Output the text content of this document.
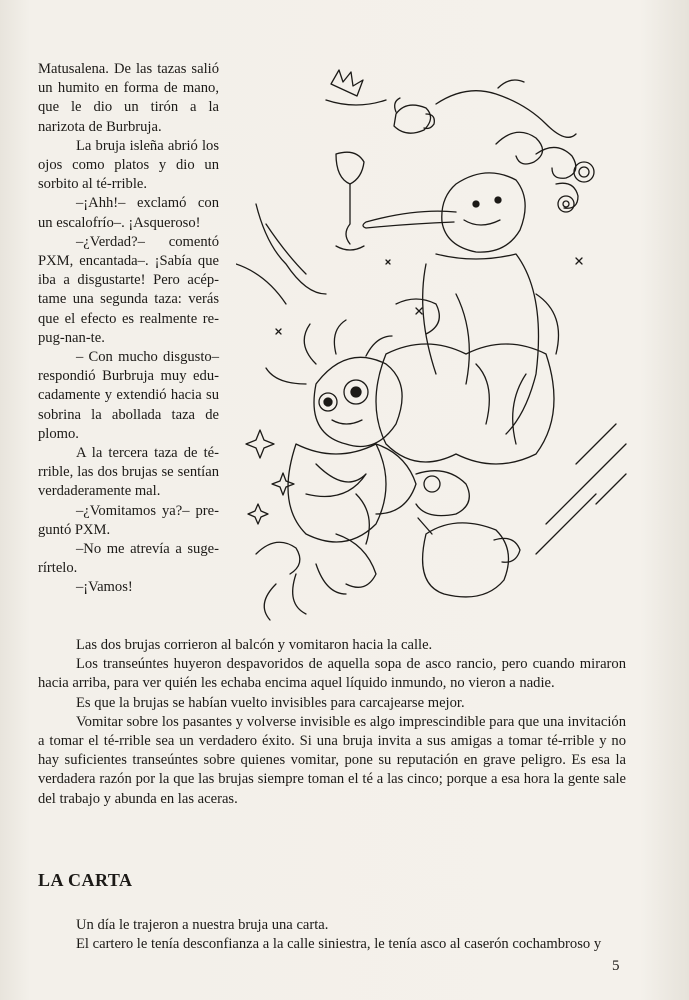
Matusalena. De las tazas salió un humito en forma de mano, que le dio un tirón a la narizota de Burbruja.

La bruja isleña abrió los ojos como platos y dio un sorbito al té-rrible.

–¡Ahh!– exclamó con un escalofrío–. ¡Asqueroso!

–¿Verdad?– comentó PXM, encantada–. ¡Sabía que iba a disgustarte! Pero acéptame una segunda taza: verás que el efecto es realmente repug-nan-te.

– Con mucho disgusto– respondió Burbruja muy educadamente y extendió hacia su sobrina la abollada taza de plomo.

A la tercera taza de térrible, las dos brujas se sentían verdaderamente mal.

–¿Vomitamos ya?– preguntó PXM.

–No me atrevía a sugerírtelo.

–¡Vamos!

Las dos brujas corrieron al balcón y vomitaron hacia la calle.

Los transeúntes huyeron despavoridos de aquella sopa de asco rancio, pero cuando miraron hacia arriba, para ver quién les echaba encima aquel líquido inmundo, no vieron a nadie.

Es que la brujas se habían vuelto invisibles para carcajearse mejor.

Vomitar sobre los pasantes y volverse invisible es algo imprescindible para que una invitación a tomar el té-rrible sea un verdadero éxito. Si una bruja invita a sus amigas a tomar té-rrible y no hay suficientes transeúntes sobre quienes vomitar, pone su reputación en grave peligro. Es esa la verdadera razón por la que las brujas siempre toman el té a las cinco; porque a esa hora la gente sale del trabajo y abunda en las aceras.

LA CARTA

Un día le trajeron a nuestra bruja una carta.

El cartero le tenía desconfianza a la calle siniestra, le tenía asco al caserón cochambroso y

5
